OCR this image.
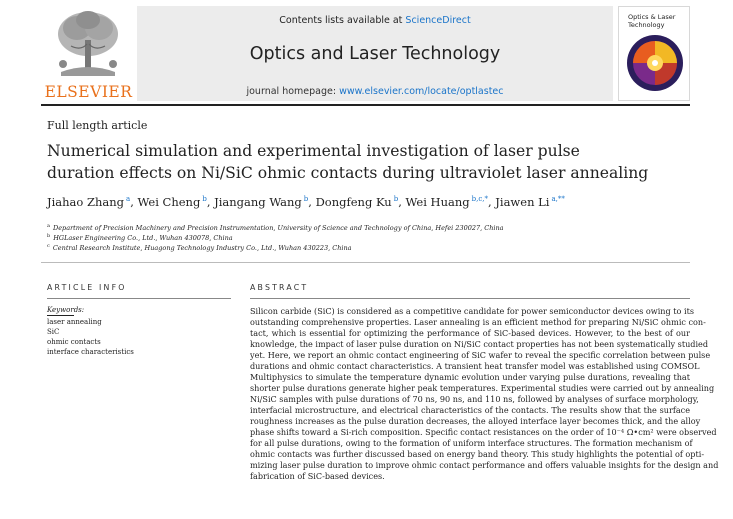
ELSEVIER
Contents lists available at ScienceDirect
Optics and Laser Technology
journal homepage: www.elsevier.com/locate/optlastec
Optics & Laser Technology
Full length article
Numerical simulation and experimental investigation of laser pulse
duration effects on Ni/SiC ohmic contacts during ultraviolet laser annealing
Jiahao Zhang $^a$, Wei Cheng $^b$, Jiangang Wang $^b$, Dongfeng Ku $^b$, Wei Huang $^{b,c,*}$, Jiawen Li $^{a,**}$
$^a$ Department of Precision Machinery and Precision Instrumentation, University of Science and Technology of China, Hefei 230027, China
$^b$ HGLaser Engineering Co., Ltd., Wuhan 430078, China
$^c$ Central Research Institute, Huagong Technology Industry Co., Ltd., Wuhan 430223, China
ARTICLE INFO
Keywords:
laser annealing
SiC
ohmic contacts
interface characteristics
ABSTRACT
Silicon carbide (SiC) is considered as a competitive candidate for power semiconductor devices owing to its
outstanding comprehensive properties. Laser annealing is an efficient method for preparing Ni/SiC ohmic con-
tact, which is essential for optimizing the performance of SiC-based devices. However, to the best of our
knowledge, the impact of laser pulse duration on Ni/SiC contact properties has not been systematically studied
yet. Here, we report an ohmic contact engineering of SiC wafer to reveal the specific correlation between pulse
durations and ohmic contact characteristics. A transient heat transfer model was established using COMSOL
Multiphysics to simulate the temperature dynamic evolution under varying pulse durations, revealing that
shorter pulse durations generate higher peak temperatures. Experimental studies were carried out by annealing
Ni/SiC samples with pulse durations of 70 ns, 90 ns, and 110 ns, followed by analyses of surface morphology,
interfacial microstructure, and electrical characteristics of the contacts. The results show that the surface
roughness increases as the pulse duration decreases, the alloyed interface layer becomes thick, and the alloy
phase shifts toward a Si-rich composition. Specific contact resistances on the order of 10⁻⁴ Ω•cm² were observed
for all pulse durations, owing to the formation of uniform interface structures. The formation mechanism of
ohmic contacts was further discussed based on energy band theory. This study highlights the potential of opti-
mizing laser pulse duration to improve ohmic contact performance and offers valuable insights for the design and
fabrication of SiC-based devices.
